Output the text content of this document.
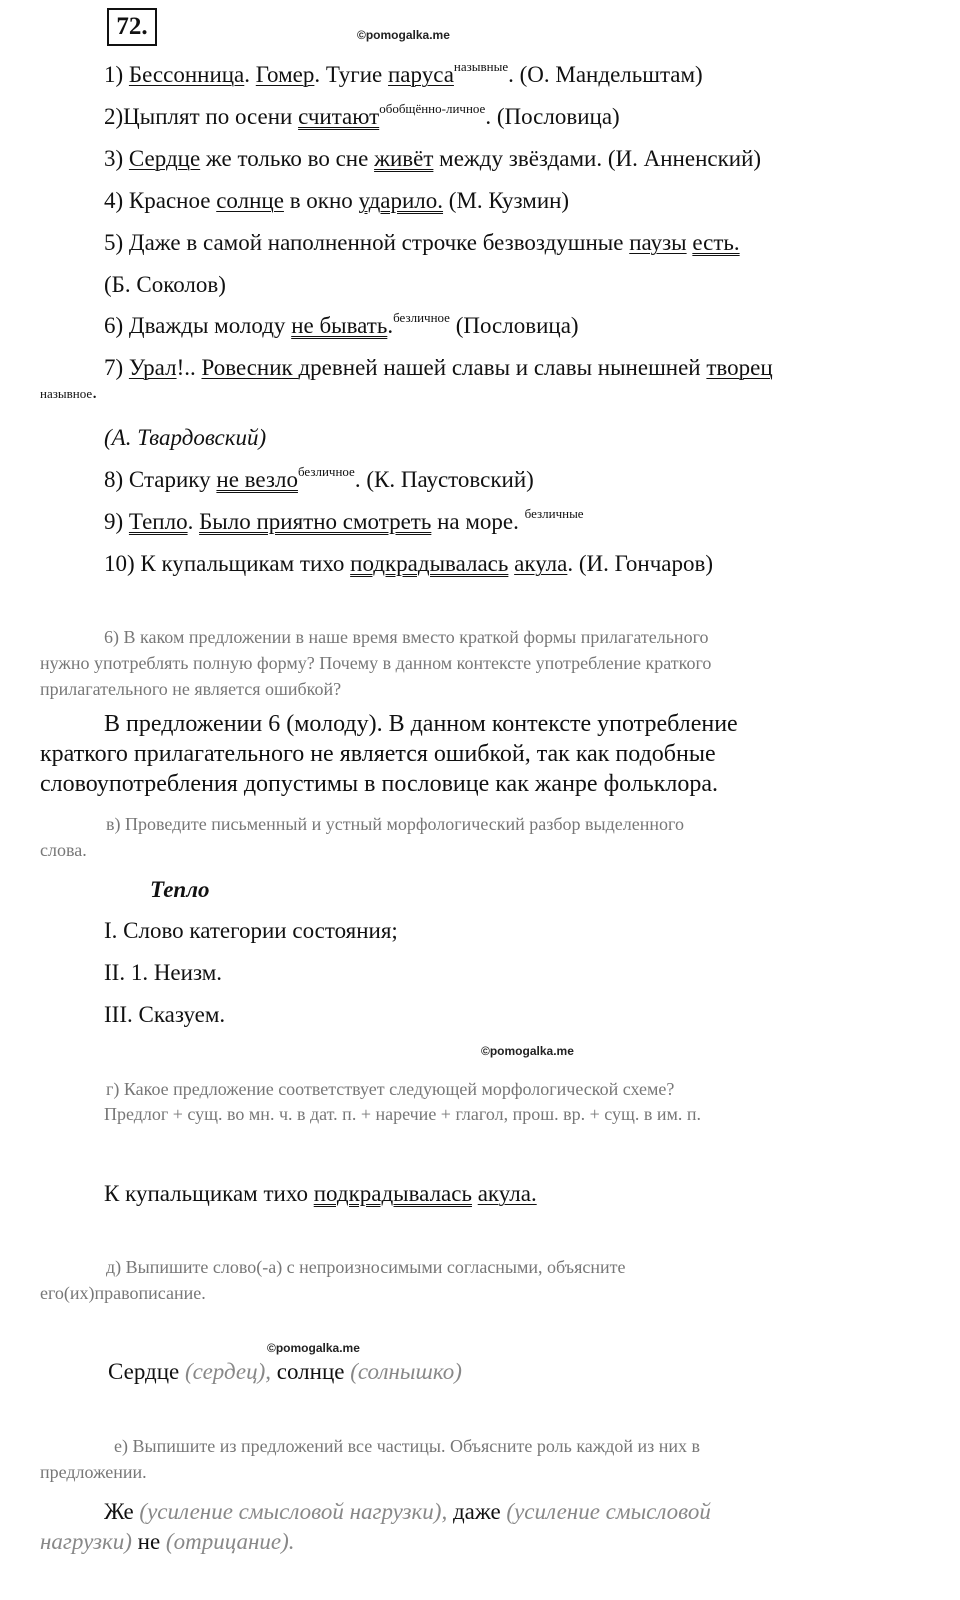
72.	©pomogalka.me
1) Бессонница. Гомер. Тугие паруса$^{назывные}$. (О. Мандельштам)
2)Цыплят по осени считают$^{обобщённо-личное}$. (Пословица)
3) Сердце же только во сне живёт между звёздами. (И. Анненский)
4) Красное солнце в окно ударило. (М. Кузмин)
5) Даже в самой наполненной строчке безвоздушные паузы есть.
(Б. Соколов)
6) Дважды молоду не бывать.$^{безличное}$ (Пословица)
7) Урал!.. Ровесник древней нашей славы и славы нынешней творец
назывное.
(А. Твардовский)
8) Старику не везло$^{безличное}$. (К. Паустовский)
9) Тепло. Было приятно смотреть на море. $^{безличные}$
10) К купальщикам тихо подкрадывалась акула. (И. Гончаров)
6) В каком предложении в наше время вместо краткой формы прилагательного
нужно употреблять полную форму? Почему в данном контексте употребление краткого
прилагательного не является ошибкой?
В предложении 6 (молоду). В данном контексте употребление
краткого прилагательного не является ошибкой, так как подобные
словоупотребления допустимы в пословице как жанре фольклора.
в) Проведите письменный и устный морфологический разбор выделенного
слова.
Тепло
I. Слово категории состояния;
II. 1. Неизм.
III. Сказуем.
©pomogalka.me
г) Какое предложение соответствует следующей морфологической схеме?
Предлог + сущ. во мн. ч. в дат. п. + наречие + глагол, прош. вр. + сущ. в им. п.
К купальщикам тихо подкрадывалась акула.
д) Выпишите слово(-а) с непроизносимыми согласными, объясните
его(их)правописание.
©pomogalka.me
Сердце (сердец), солнце (солнышко)
е) Выпишите из предложений все частицы. Объясните роль каждой из них в
предложении.
Же (усиление смысловой нагрузки), даже (усиление смысловой
нагрузки) не (отрицание).
